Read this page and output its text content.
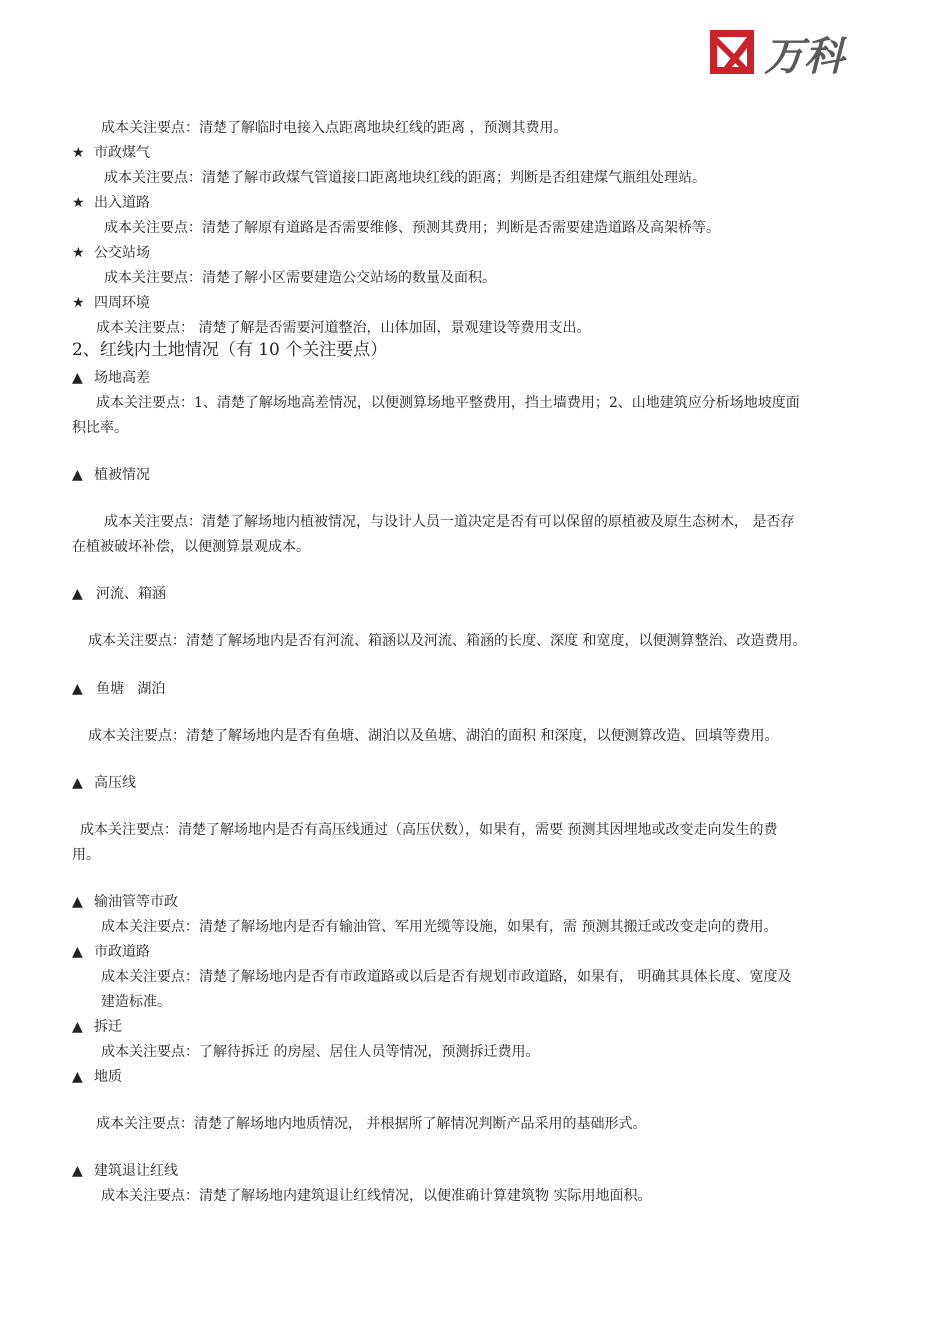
万科
成本关注要点：清楚了解临时电接入点距离地块红线的距离 ，预测其费用。
★ 市政煤气
成本关注要点：清楚了解市政煤气管道接口距离地块红线的距离；判断是否组建煤气瓶组处理站。
★ 出入道路
成本关注要点：清楚了解原有道路是否需要维修、预测其费用；判断是否需要建造道路及高架桥等。
★ 公交站场
成本关注要点：清楚了解小区需要建造公交站场的数量及面积。
★ 四周环境
成本关注要点： 清楚了解是否需要河道整治，山体加固，景观建设等费用支出。
2、红线内土地情况（有 10 个关注要点）
▲ 场地高差
成本关注要点：1、清楚了解场地高差情况，以便测算场地平整费用，挡土墙费用；2、山地建筑应分析场地坡度面
积比率。
▲ 植被情况
成本关注要点：清楚了解场地内植被情况，与设计人员一道决定是否有可以保留的原植被及原生态树木， 是否存
在植被破坏补偿，以便测算景观成本。
▲ 河流、箱涵
成本关注要点：清楚了解场地内是否有河流、箱涵以及河流、箱涵的长度、深度 和宽度，以便测算整治、改造费用。
▲ 鱼塘   湖泊
成本关注要点：清楚了解场地内是否有鱼塘、湖泊以及鱼塘、湖泊的面积 和深度，以便测算改造、回填等费用。
▲ 高压线
成本关注要点：清楚了解场地内是否有高压线通过（高压伏数），如果有，需要 预测其因埋地或改变走向发生的费
用。
▲ 输油管等市政
成本关注要点：清楚了解场地内是否有输油管、军用光缆等设施，如果有，需 预测其搬迁或改变走向的费用。
▲ 市政道路
成本关注要点：清楚了解场地内是否有市政道路或以后是否有规划市政道路，如果有， 明确其具体长度、宽度及
建造标准。
▲ 拆迁
成本关注要点：了解待拆迁 的房屋、居住人员等情况，预测拆迁费用。
▲ 地质
成本关注要点：清楚了解场地内地质情况， 并根据所了解情况判断产品采用的基础形式。
▲ 建筑退让红线
成本关注要点：清楚了解场地内建筑退让红线情况，以便准确计算建筑物 实际用地面积。
